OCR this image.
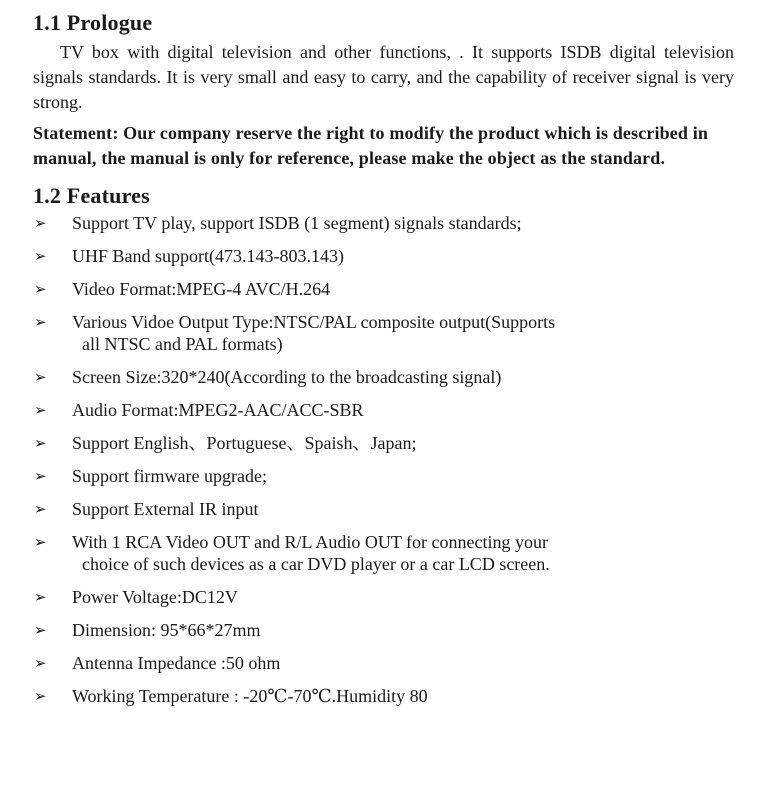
1.1 Prologue

TV box with digital television and other functions, . It supports ISDB digital television signals standards. It is very small and easy to carry, and the capability of receiver signal is very strong.

Statement: Our company reserve the right to modify the product which is described in manual, the manual is only for reference, please make the object as the standard.

1.2 Features
➢ Support TV play, support ISDB (1 segment) signals standards;
➢ UHF Band support(473.143-803.143)
➢ Video Format:MPEG-4 AVC/H.264
➢ Various Vidoe Output Type:NTSC/PAL composite output(Supports
all NTSC and PAL formats)
➢ Screen Size:320*240(According to the broadcasting signal)
➢ Audio Format:MPEG2-AAC/ACC-SBR
➢ Support English、Portuguese、Spaish、Japan;
➢ Support firmware upgrade;
➢ Support External IR input
➢ With 1 RCA Video OUT and R/L Audio OUT for connecting your
choice of such devices as a car DVD player or a car LCD screen.
➢ Power Voltage:DC12V
➢ Dimension: 95*66*27mm
➢ Antenna Impedance :50 ohm
➢ Working Temperature : -20℃-70℃.Humidity 80
